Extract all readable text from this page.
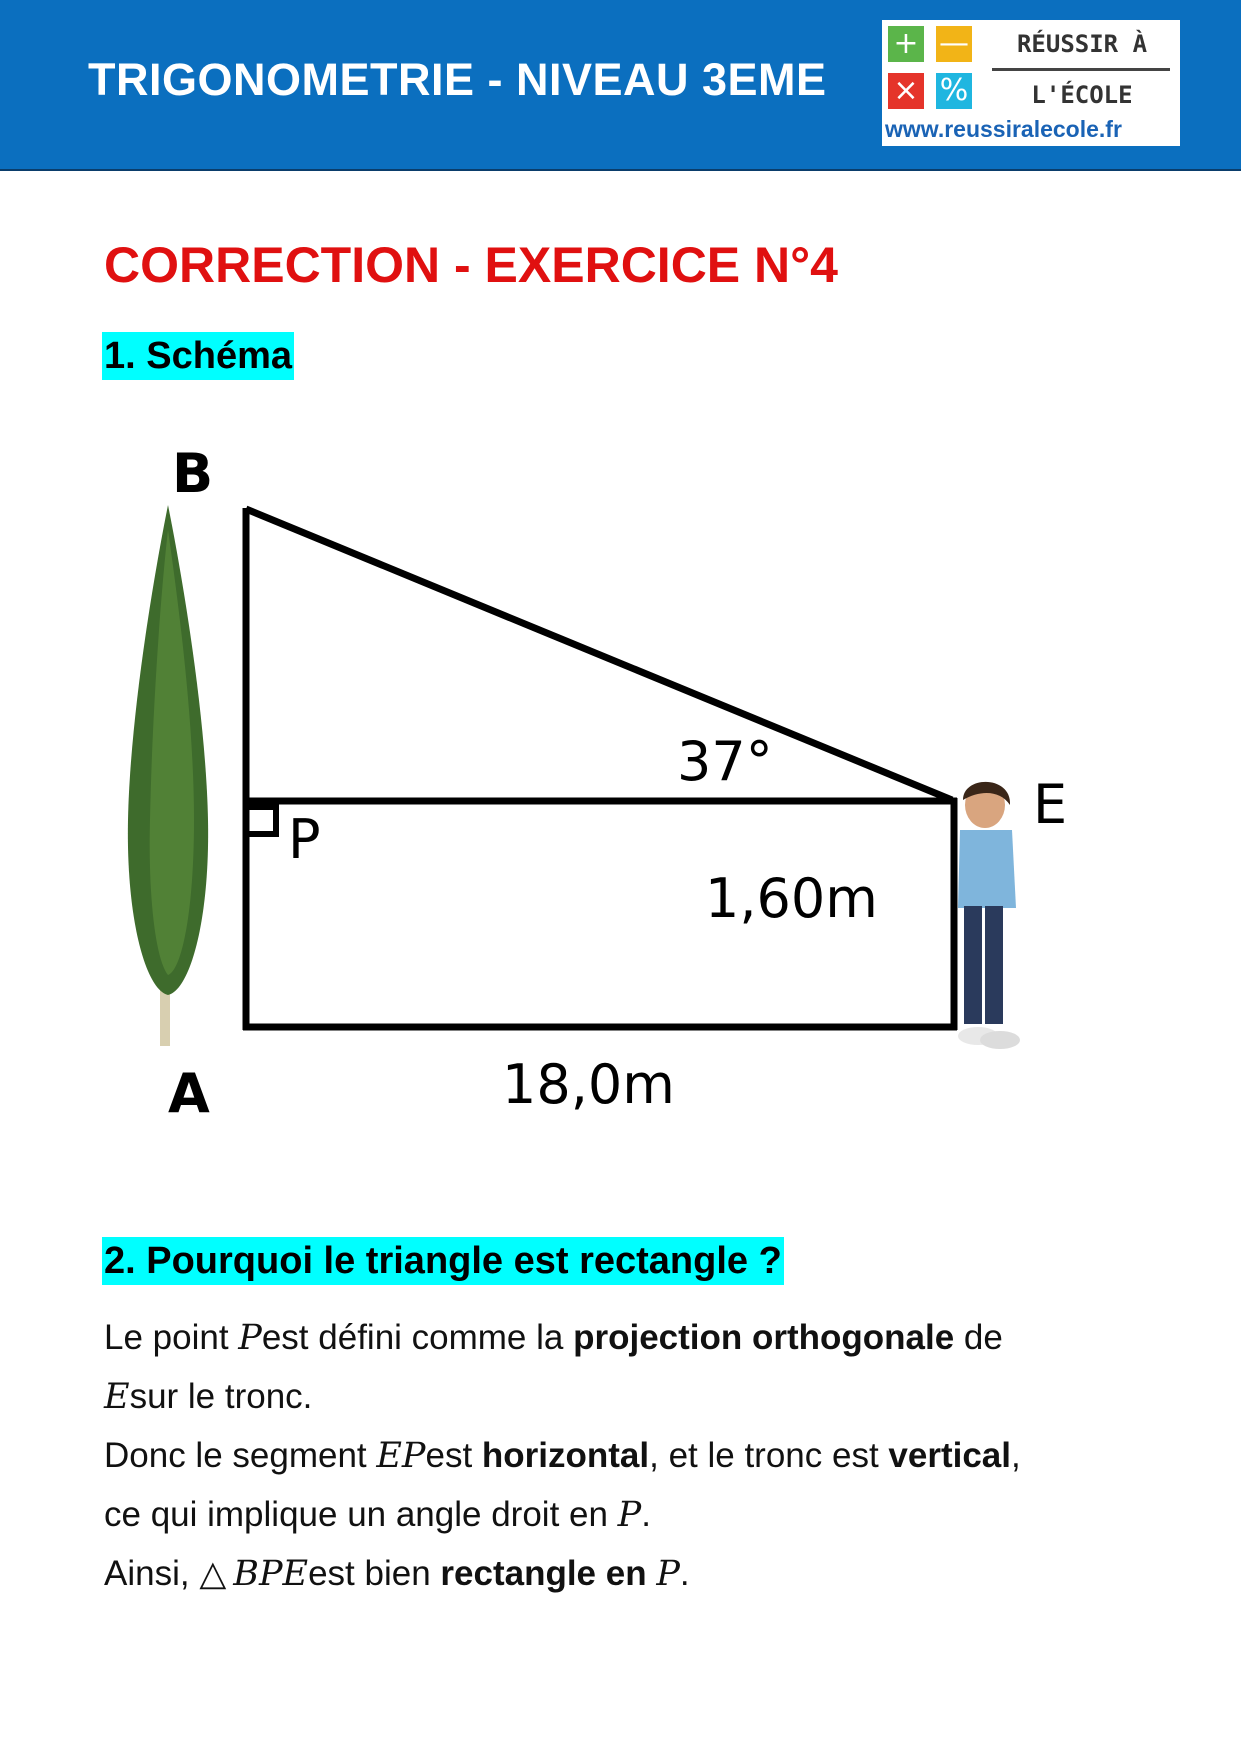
TRIGONOMETRIE - NIVEAU 3EME
+ —
× %
RÉUSSIR À
L'ÉCOLE
www.reussiralecole.fr
CORRECTION - EXERCICE N°4
1. Schéma
B
A
P
E
37°
1,60m
18,0m
2. Pourquoi le triangle est rectangle ?
Le point Pest défini comme la projection orthogonale de
Esur le tronc.
Donc le segment EPest horizontal, et le tronc est vertical,
ce qui implique un angle droit en P.
Ainsi, △  BPEest bien rectangle en P.
